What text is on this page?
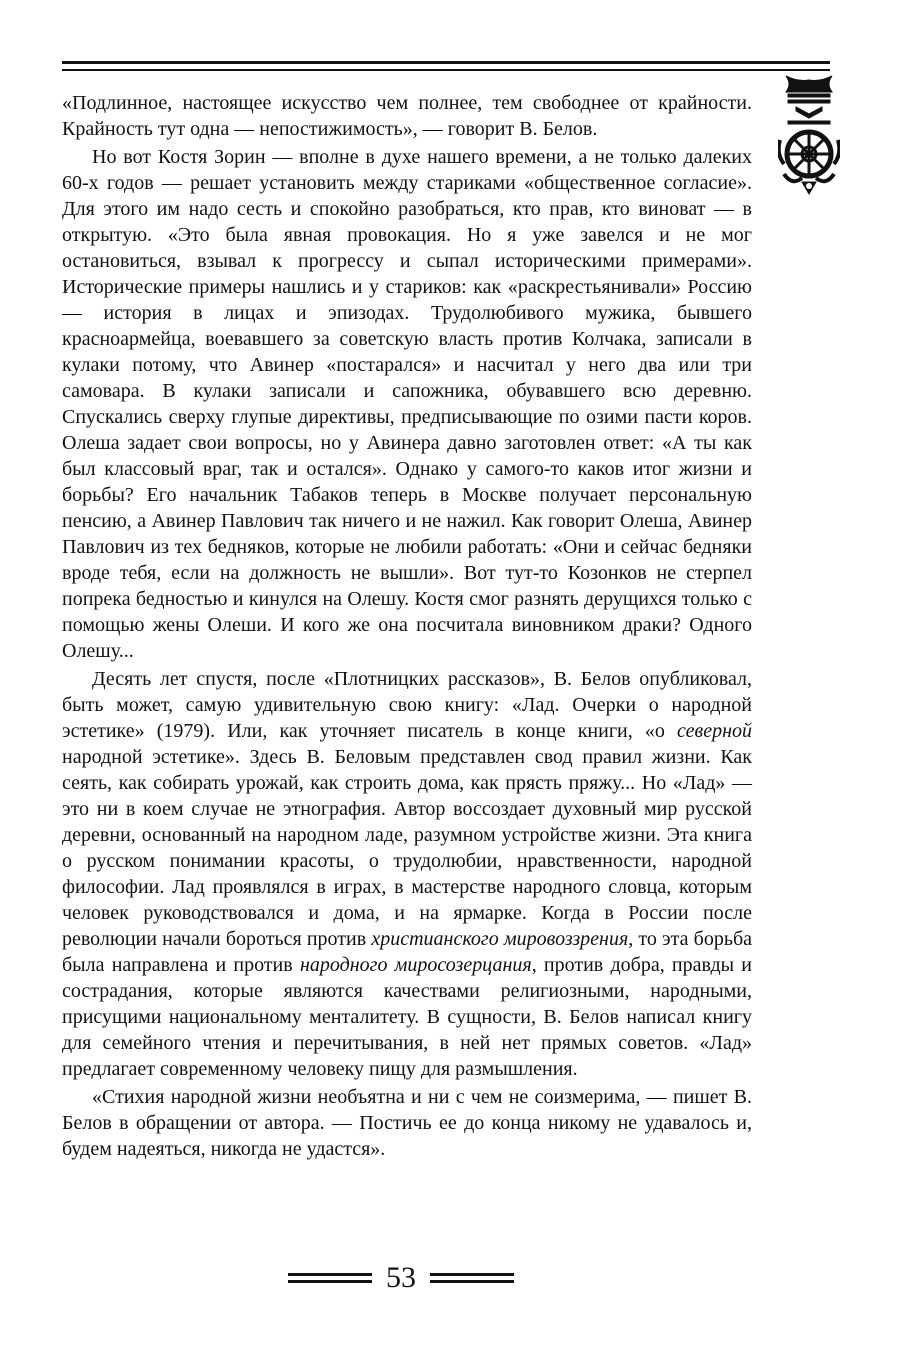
«Подлинное, настоящее искусство чем полнее, тем свободнее от крайности. Крайность тут одна — непостижимость», — говорит В. Белов.

Но вот Костя Зорин — вполне в духе нашего времени, а не только далеких 60-х годов — решает установить между стариками «общественное согласие». Для этого им надо сесть и спокойно разобраться, кто прав, кто виноват — в открытую. «Это была явная провокация. Но я уже завелся и не мог остановиться, взывал к прогрессу и сыпал историческими примерами». Исторические примеры нашлись и у стариков: как «раскрестьянивали» Россию — история в лицах и эпизодах. Трудолюбивого мужика, бывшего красноармейца, воевавшего за советскую власть против Колчака, записали в кулаки потому, что Авинер «постарался» и насчитал у него два или три самовара. В кулаки записали и сапожника, обувавшего всю деревню. Спускались сверху глупые директивы, предписывающие по озими пасти коров. Олеша задает свои вопросы, но у Авинера давно заготовлен ответ: «А ты как был классовый враг, так и остался». Однако у самого-то каков итог жизни и борьбы? Его начальник Табаков теперь в Москве получает персональную пенсию, а Авинер Павлович так ничего и не нажил. Как говорит Олеша, Авинер Павлович из тех бедняков, которые не любили работать: «Они и сейчас бедняки вроде тебя, если на должность не вышли». Вот тут-то Козонков не стерпел попрека бедностью и кинулся на Олешу. Костя смог разнять дерущихся только с помощью жены Олеши. И кого же она посчитала виновником драки? Одного Олешу...

Десять лет спустя, после «Плотницких рассказов», В. Белов опубликовал, быть может, самую удивительную свою книгу: «Лад. Очерки о народной эстетике» (1979). Или, как уточняет писатель в конце книги, «о северной народной эстетике». Здесь В. Беловым представлен свод правил жизни. Как сеять, как собирать урожай, как строить дома, как прясть пряжу... Но «Лад» — это ни в коем случае не этнография. Автор воссоздает духовный мир русской деревни, основанный на народном ладе, разумном устройстве жизни. Эта книга о русском понимании красоты, о трудолюбии, нравственности, народной философии. Лад проявлялся в играх, в мастерстве народного словца, которым человек руководствовался и дома, и на ярмарке. Когда в России после революции начали бороться против христианского мировоззрения, то эта борьба была направлена и против народного миросозерцания, против добра, правды и сострадания, которые являются качествами религиозными, народными, присущими национальному менталитету. В сущности, В. Белов написал книгу для семейного чтения и перечитывания, в ней нет прямых советов. «Лад» предлагает современному человеку пищу для размышления.

«Стихия народной жизни необъятна и ни с чем не соизмерима, — пишет В. Белов в обращении от автора. — Постичь ее до конца никому не удавалось и, будем надеяться, никогда не удастся».

53
